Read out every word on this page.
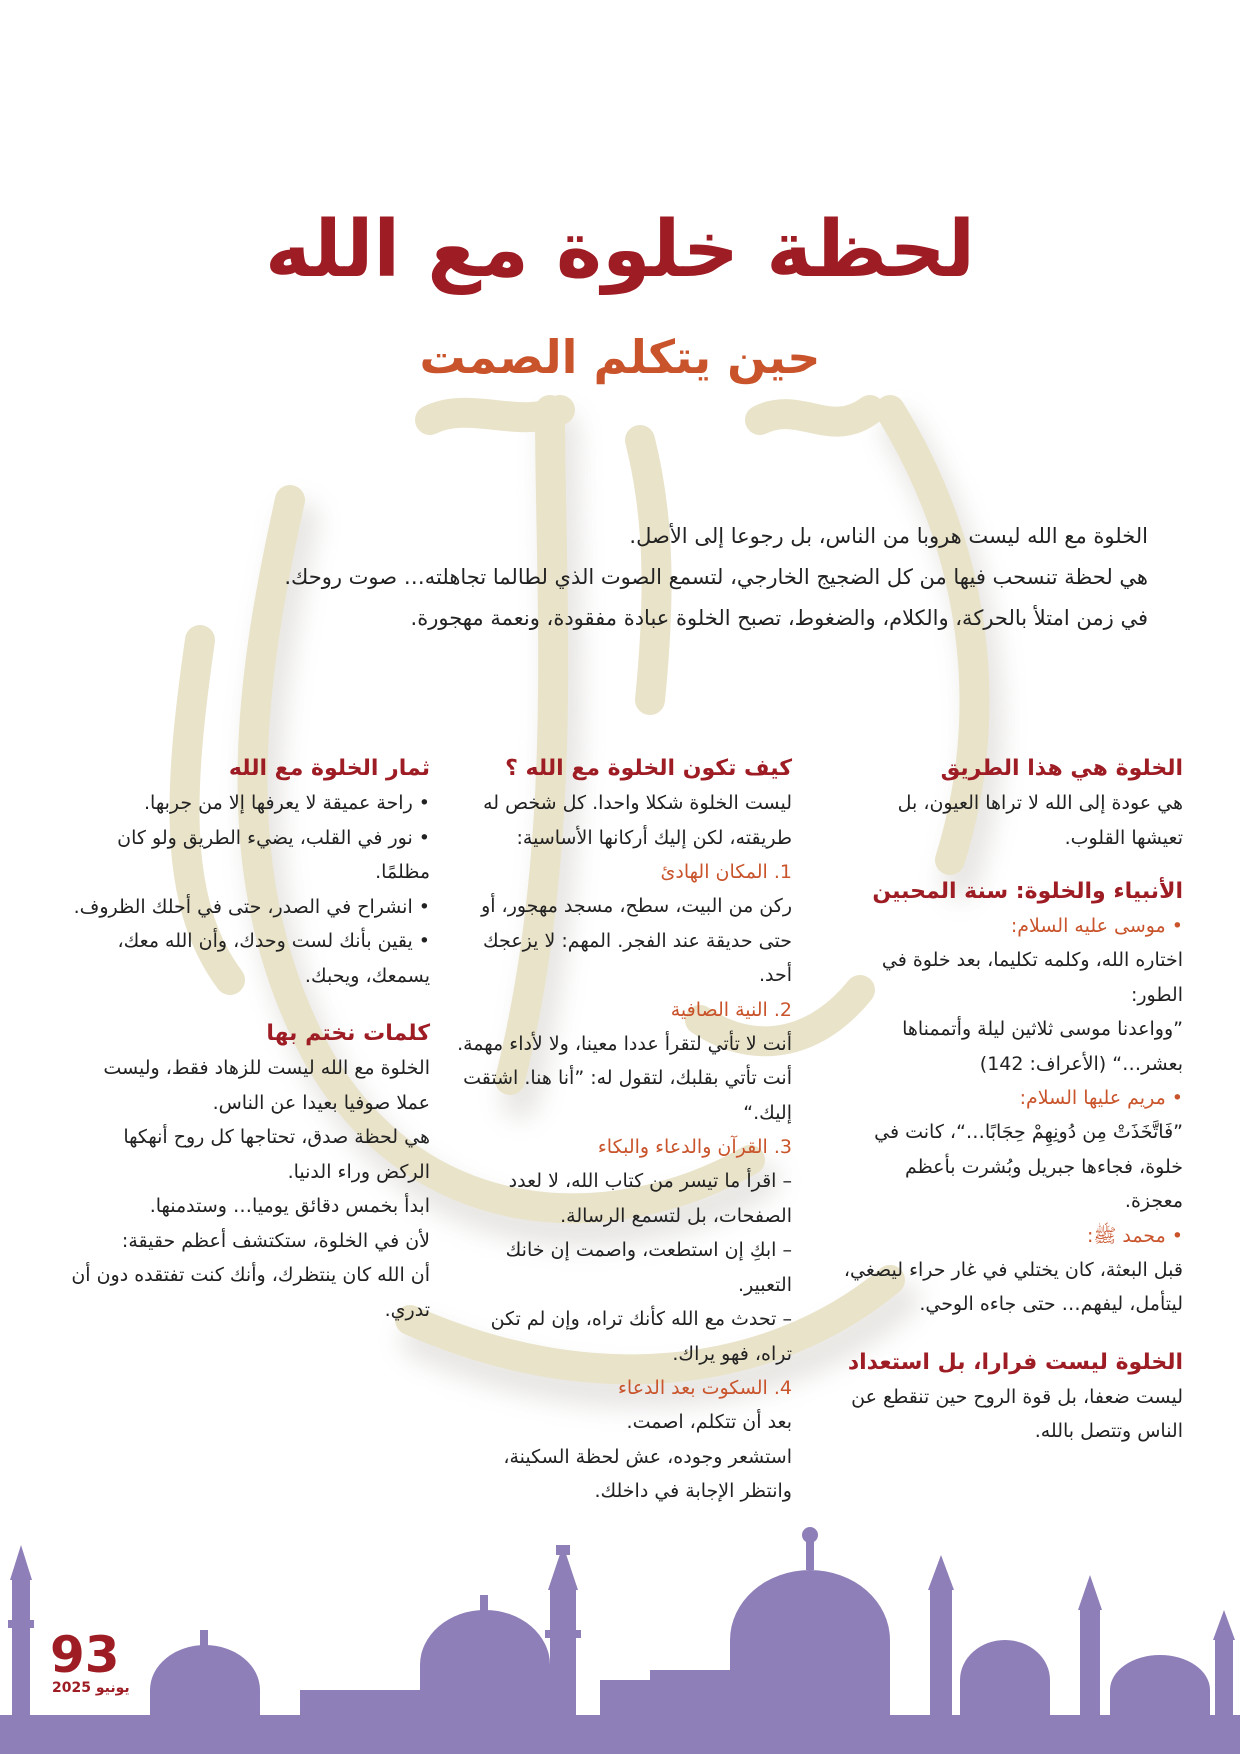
لحظة خلوة مع الله
حين يتكلم الصمت

الخلوة مع الله ليست هروبا من الناس، بل رجوعا إلى الأصل.

هي لحظة تنسحب فيها من كل الضجيج الخارجي، لتسمع الصوت الذي لطالما تجاهلته… صوت روحك.

في زمن امتلأ بالحركة، والكلام، والضغوط، تصبح الخلوة عبادة مفقودة، ونعمة مهجورة.

الخلوة هي هذا الطريق

هي عودة إلى الله لا تراها العيون، بل تعيشها القلوب.

الأنبياء والخلوة: سنة المحبين
• موسى عليه السلام:

اختاره الله، وكلمه تكليما، بعد خلوة في الطور:

”وواعدنا موسى ثلاثين ليلة وأتممناها بعشر…“ (الأعراف: 142)

• مريم عليها السلام:

”فَاتَّخَذَتْ مِن دُونِهِمْ حِجَابًا…“، كانت في خلوة، فجاءها جبريل وبُشرت بأعظم معجزة.

• محمد ﷺ:

قبل البعثة، كان يختلي في غار حراء ليصغي، ليتأمل، ليفهم… حتى جاءه الوحي.

الخلوة ليست فرارا، بل استعداد

ليست ضعفا، بل قوة الروح حين تنقطع عن الناس وتتصل بالله.

كيف تكون الخلوة مع الله ؟

ليست الخلوة شكلا واحدا. كل شخص له طريقته، لكن إليك أركانها الأساسية:

1. المكان الهادئ

ركن من البيت، سطح، مسجد مهجور، أو حتى حديقة عند الفجر. المهم: لا يزعجك أحد.

2. النية الصافية

أنت لا تأتي لتقرأ عددا معينا، ولا لأداء مهمة. أنت تأتي بقلبك، لتقول له: ”أنا هنا. اشتقت إليك.“

3. القرآن والدعاء والبكاء

– اقرأ ما تيسر من كتاب الله، لا لعدد الصفحات، بل لتسمع الرسالة.

– ابكِ إن استطعت، واصمت إن خانك التعبير.

– تحدث مع الله كأنك تراه، وإن لم تكن تراه، فهو يراك.

4. السكوت بعد الدعاء

بعد أن تتكلم، اصمت.

استشعر وجوده، عش لحظة السكينة، وانتظر الإجابة في داخلك.

ثمار الخلوة مع الله
• راحة عميقة لا يعرفها إلا من جربها.
• نور في القلب، يضيء الطريق ولو كان مظلمًا.
• انشراح في الصدر، حتى في أحلك الظروف.
• يقين بأنك لست وحدك، وأن الله معك، يسمعك، ويحبك.
كلمات نختم بها

الخلوة مع الله ليست للزهاد فقط، وليست عملا صوفيا بعيدا عن الناس.

هي لحظة صدق، تحتاجها كل روح أنهكها الركض وراء الدنيا.

ابدأ بخمس دقائق يوميا… وستدمنها.

لأن في الخلوة، ستكتشف أعظم حقيقة:

أن الله كان ينتظرك، وأنك كنت تفتقده دون أن تدري.

93
يونيو 2025
